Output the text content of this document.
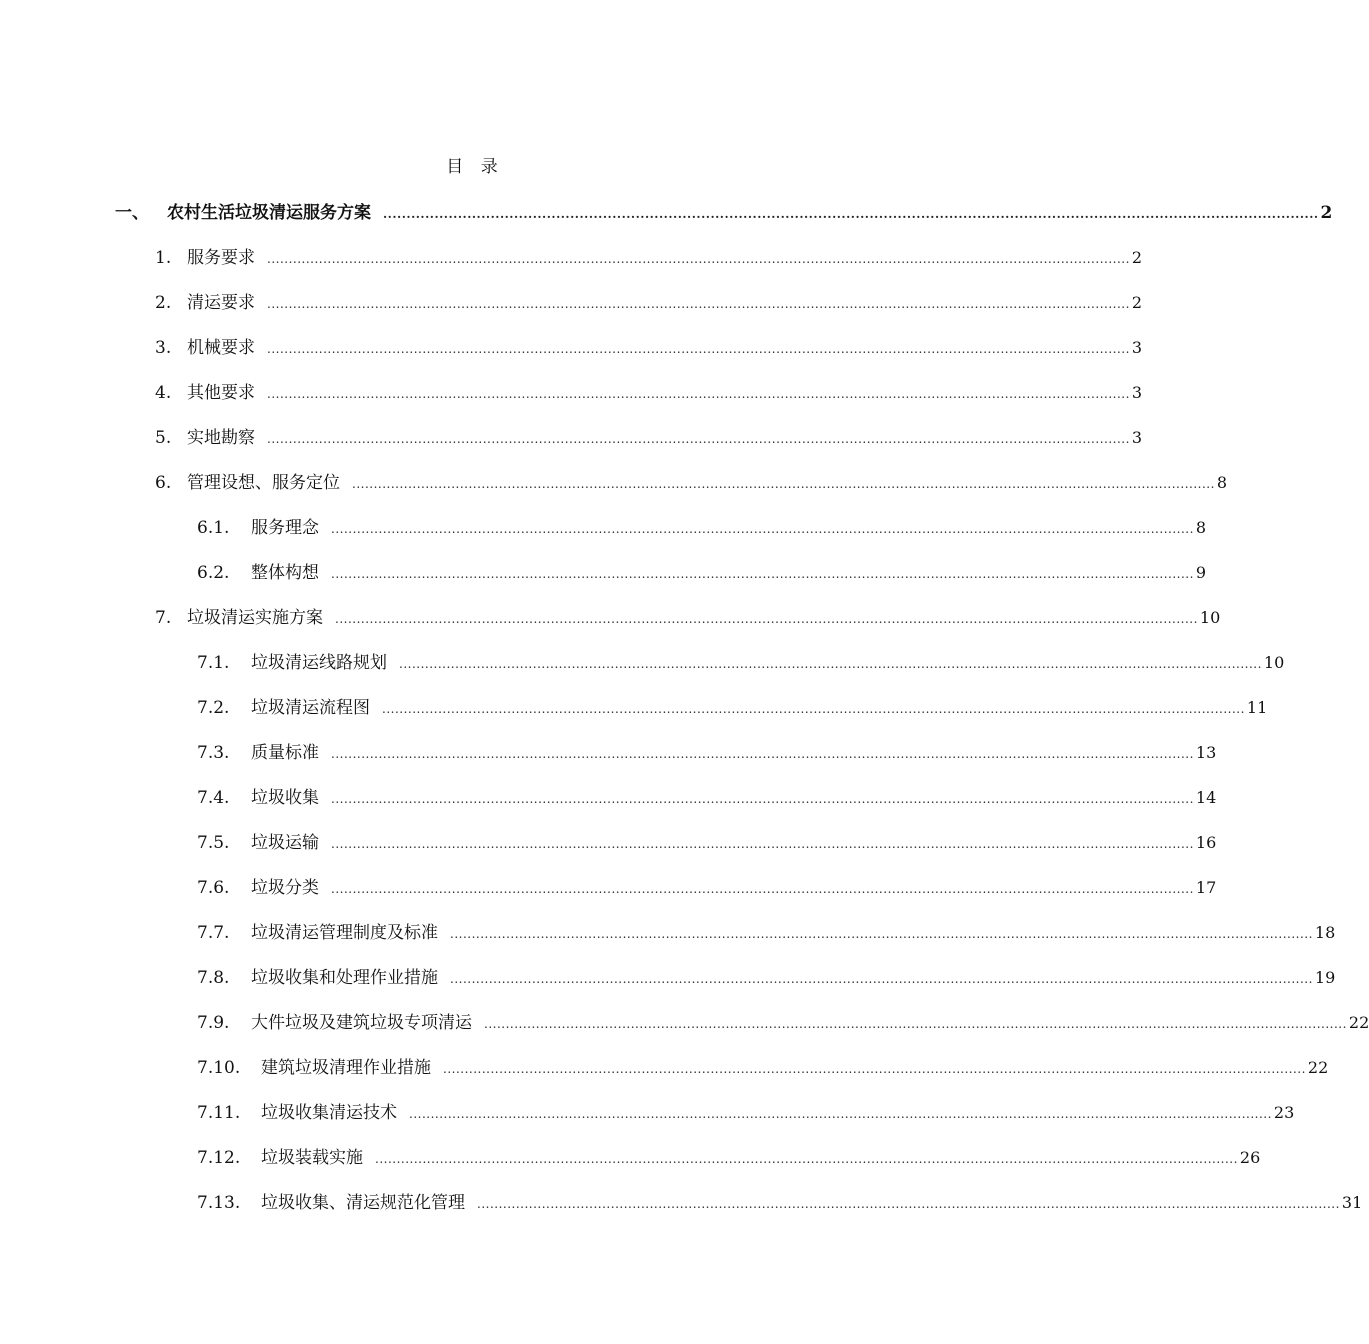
目 录
一、	农村生活垃圾清运服务方案 ........................................................................................................................................................................................................ 2
1. 服务要求 ........................................................................................................................................................................................................ 2
2. 清运要求 ........................................................................................................................................................................................................ 2
3. 机械要求 ........................................................................................................................................................................................................ 3
4. 其他要求 ........................................................................................................................................................................................................ 3
5. 实地勘察 ........................................................................................................................................................................................................ 3
6. 管理设想、服务定位 ........................................................................................................................................................................................................ 8
6.1.	服务理念 ........................................................................................................................................................................................................ 8
6.2.	整体构想 ........................................................................................................................................................................................................ 9
7. 垃圾清运实施方案 ........................................................................................................................................................................................................ 10
7.1.	垃圾清运线路规划 ........................................................................................................................................................................................................ 10
7.2.	垃圾清运流程图 ........................................................................................................................................................................................................ 11
7.3.	质量标准 ........................................................................................................................................................................................................ 13
7.4.	垃圾收集 ........................................................................................................................................................................................................ 14
7.5.	垃圾运输 ........................................................................................................................................................................................................ 16
7.6.	垃圾分类 ........................................................................................................................................................................................................ 17
7.7.	垃圾清运管理制度及标准 ........................................................................................................................................................................................................ 18
7.8.	垃圾收集和处理作业措施 ........................................................................................................................................................................................................ 19
7.9.	大件垃圾及建筑垃圾专项清运 ........................................................................................................................................................................................................ 22
7.10.	建筑垃圾清理作业措施 ........................................................................................................................................................................................................ 22
7.11.	垃圾收集清运技术 ........................................................................................................................................................................................................ 23
7.12.	垃圾装载实施 ........................................................................................................................................................................................................ 26
7.13.	垃圾收集、清运规范化管理 ........................................................................................................................................................................................................ 31
